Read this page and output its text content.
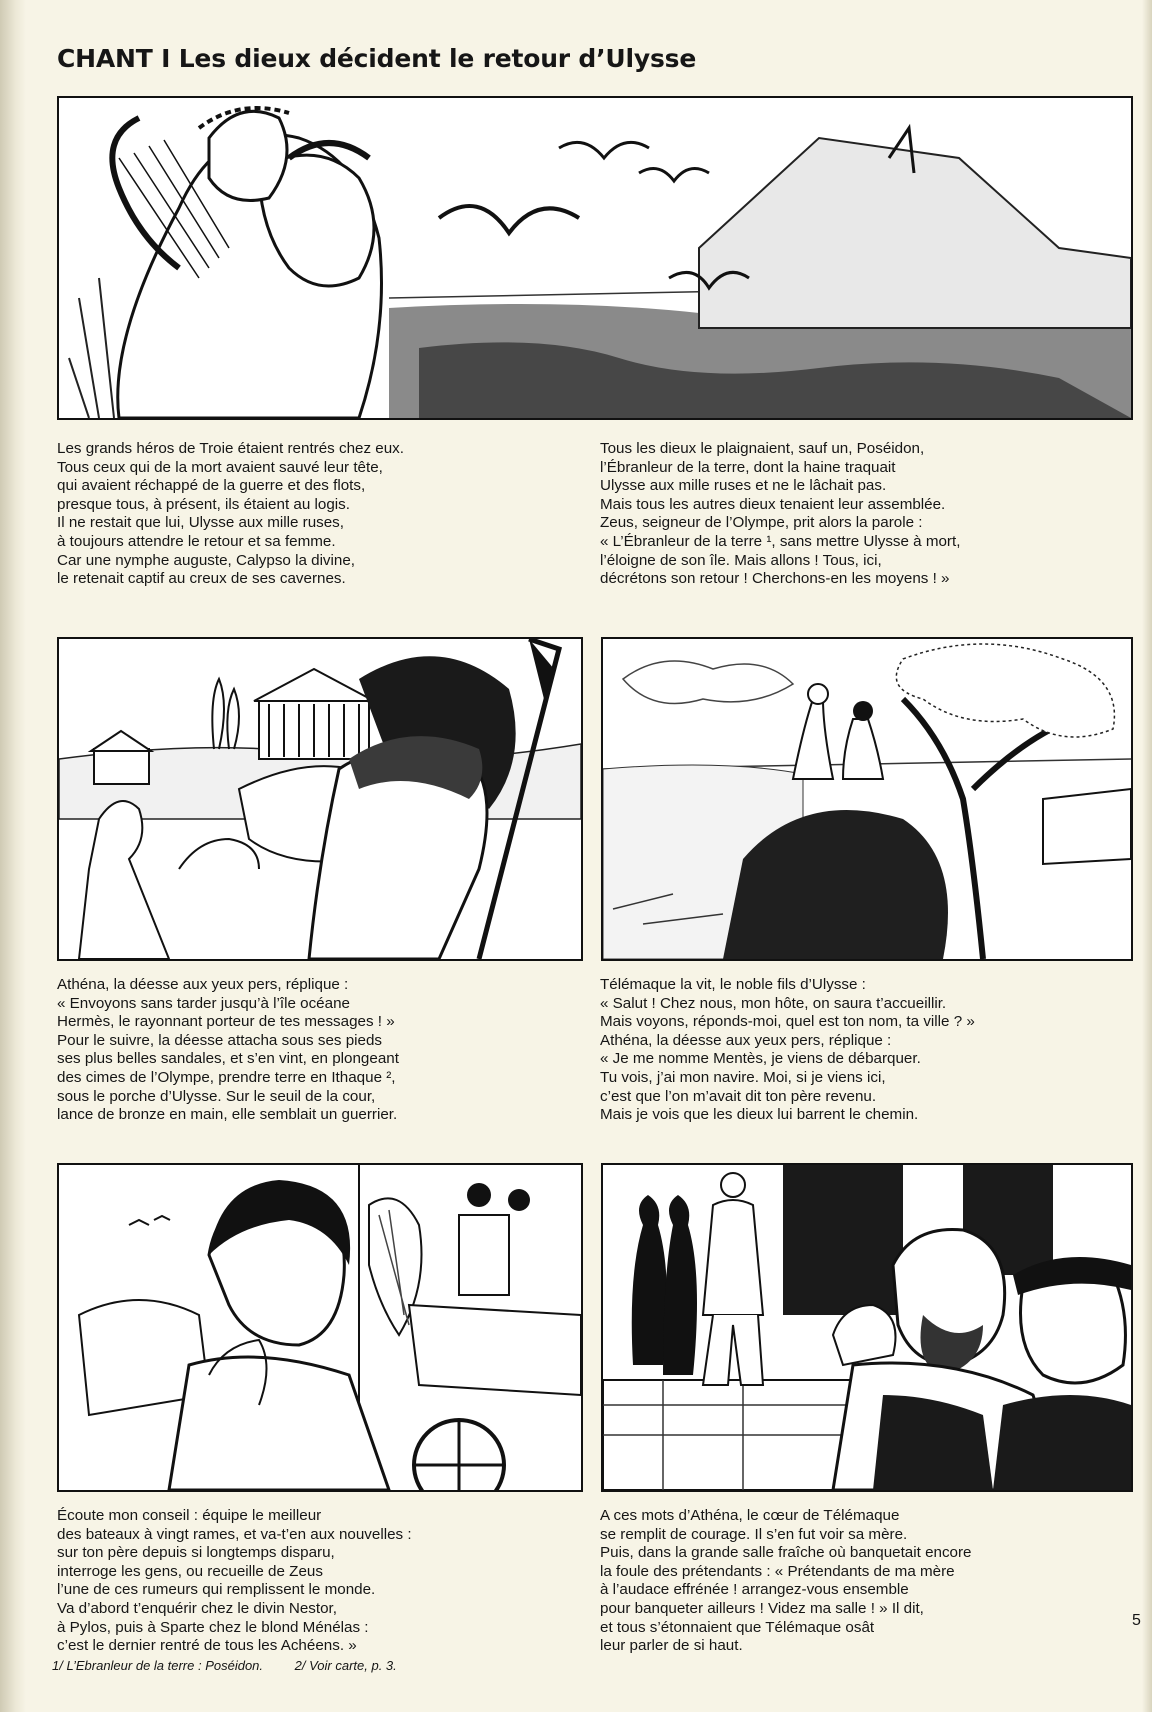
CHANT I Les dieux décident le retour d’Ulysse

Les grands héros de Troie étaient rentrés chez eux.
Tous ceux qui de la mort avaient sauvé leur tête,
qui avaient réchappé de la guerre et des flots,
presque tous, à présent, ils étaient au logis.
Il ne restait que lui, Ulysse aux mille ruses,
à toujours attendre le retour et sa femme.
Car une nymphe auguste, Calypso la divine,
le retenait captif au creux de ses cavernes.

Tous les dieux le plaignaient, sauf un, Poséidon,
l’Ébranleur de la terre, dont la haine traquait
Ulysse aux mille ruses et ne le lâchait pas.
Mais tous les autres dieux tenaient leur assemblée.
Zeus, seigneur de l’Olympe, prit alors la parole :
« L’Ébranleur de la terre ¹, sans mettre Ulysse à mort,
l’éloigne de son île. Mais allons ! Tous, ici,
décrétons son retour ! Cherchons-en les moyens ! »

Athéna, la déesse aux yeux pers, réplique :
« Envoyons sans tarder jusqu’à l’île océane
Hermès, le rayonnant porteur de tes messages ! »
Pour le suivre, la déesse attacha sous ses pieds
ses plus belles sandales, et s’en vint, en plongeant
des cimes de l’Olympe, prendre terre en Ithaque ²,
sous le porche d’Ulysse. Sur le seuil de la cour,
lance de bronze en main, elle semblait un guerrier.

Télémaque la vit, le noble fils d’Ulysse :
« Salut ! Chez nous, mon hôte, on saura t’accueillir.
Mais voyons, réponds-moi, quel est ton nom, ta ville ? »
Athéna, la déesse aux yeux pers, réplique :
« Je me nomme Mentès, je viens de débarquer.
Tu vois, j’ai mon navire. Moi, si je viens ici,
c’est que l’on m’avait dit ton père revenu.
Mais je vois que les dieux lui barrent le chemin.

Écoute mon conseil : équipe le meilleur
des bateaux à vingt rames, et va-t’en aux nouvelles :
sur ton père depuis si longtemps disparu,
interroge les gens, ou recueille de Zeus
l’une de ces rumeurs qui remplissent le monde.
Va d’abord t’enquérir chez le divin Nestor,
à Pylos, puis à Sparte chez le blond Ménélas :
c’est le dernier rentré de tous les Achéens. »

A ces mots d’Athéna, le cœur de Télémaque
se remplit de courage. Il s’en fut voir sa mère.
Puis, dans la grande salle fraîche où banquetait encore
la foule des prétendants : « Prétendants de ma mère
à l’audace effrénée ! arrangez-vous ensemble
pour banqueter ailleurs ! Videz ma salle ! » Il dit,
et tous s’étonnaient que Télémaque osât
leur parler de si haut.

1/ L’Ebranleur de la terre : Poséidon. 2/ Voir carte, p. 3.
5
